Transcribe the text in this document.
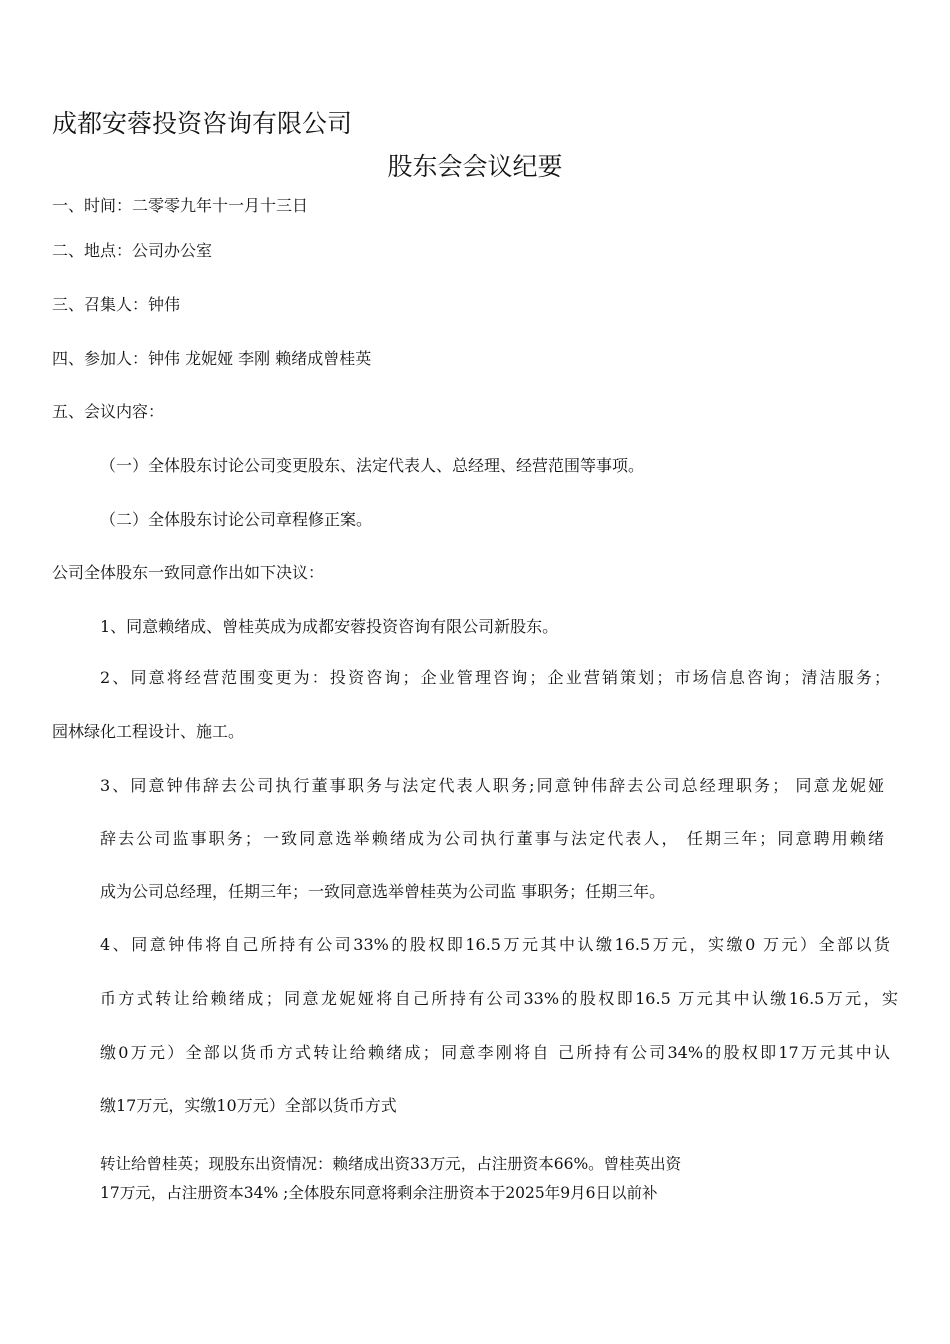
成都安蓉投资咨询有限公司
股东会会议纪要
一、时间：二零零九年十一月十三日
二、地点：公司办公室
三、召集人：钟伟
四、参加人：钟伟 龙妮娅 李刚 赖绪成曾桂英
五、会议内容：
（一）全体股东讨论公司变更股东、法定代表人、总经理、经营范围等事项。
（二）全体股东讨论公司章程修正案。
公司全体股东一致同意作出如下决议：
1、同意赖绪成、曾桂英成为成都安蓉投资咨询有限公司新股东。
2、同意将经营范围变更为：投资咨询；企业管理咨询；企业营销策划；市场信息咨询；清洁服务；
园林绿化工程设计、施工。
3、同意钟伟辞去公司执行董事职务与法定代表人职务;同意钟伟辞去公司总经理职务； 同意龙妮娅
辞去公司监事职务；一致同意选举赖绪成为公司执行董事与法定代表人， 任期三年；同意聘用赖绪
成为公司总经理，任期三年；一致同意选举曾桂英为公司监 事职务；任期三年。
4、同意钟伟将自己所持有公司33%的股权即16.5万元其中认缴16.5万元，实缴0 万元）全部以货
币方式转让给赖绪成；同意龙妮娅将自己所持有公司33%的股权即16.5 万元其中认缴16.5万元，实
缴0万元）全部以货币方式转让给赖绪成；同意李刚将自 己所持有公司34%的股权即17万元其中认
缴17万元，实缴10万元）全部以货币方式
转让给曾桂英；现股东出资情况：赖绪成出资33万元，占注册资本66%。曾桂英出资
17万元，占注册资本34% ;全体股东同意将剩余注册资本于2025年9月6日以前补
